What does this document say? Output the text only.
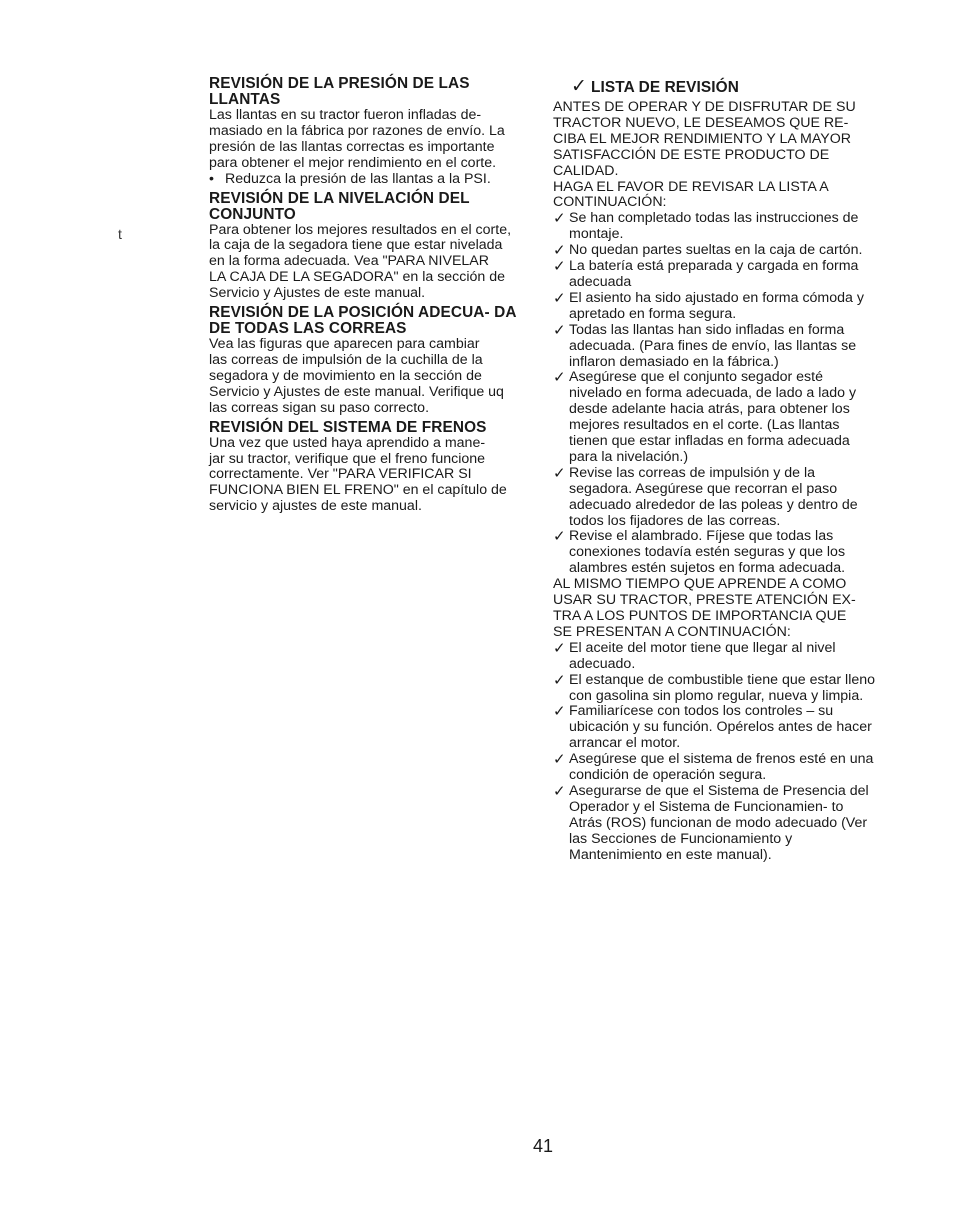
t
REVISIÓN DE LA PRESIÓN DE LAS LLANTAS

Las llantas en su tractor fueron infladas de-

masiado en la fábrica por razones de envío. La

presión de las llantas correctas es importante

para obtener el mejor rendimiento en el corte.

• Reduzca la presión de las llantas a la PSI.
REVISIÓN DE LA NIVELACIÓN DEL CONJUNTO

Para obtener los mejores resultados en el corte,

la caja de la segadora tiene que estar nivelada

en la forma adecuada. Vea "PARA NIVELAR

LA CAJA DE LA SEGADORA" en la sección de

Servicio y Ajustes de este manual.

REVISIÓN DE LA POSICIÓN ADECUA- DA DE TODAS LAS CORREAS

Vea las figuras que aparecen para cambiar

las correas de impulsión de la cuchilla de la

segadora y de movimiento en la sección de

Servicio y Ajustes de este manual. Verifique uq

las correas sigan su paso correcto.

REVISIÓN DEL SISTEMA DE FRENOS

Una vez que usted haya aprendido a mane-

jar su tractor, verifique que el freno funcione

correctamente. Ver "PARA VERIFICAR SI

FUNCIONA BIEN EL FRENO" en el capítulo de

servicio y ajustes de este manual.

✓ LISTA DE REVISIÓN

ANTES DE OPERAR Y DE DISFRUTAR DE SU

TRACTOR NUEVO, LE DESEAMOS QUE RE-

CIBA EL MEJOR RENDIMIENTO Y LA MAYOR

SATISFACCIÓN DE ESTE PRODUCTO DE

CALIDAD.

HAGA EL FAVOR DE REVISAR LA LISTA A

CONTINUACIÓN:

✓ Se han completado todas las instrucciones de montaje.
✓ No quedan partes sueltas en la caja de cartón.
✓ La batería está preparada y cargada en forma adecuada
✓ El asiento ha sido ajustado en forma cómoda y apretado en forma segura.
✓ Todas las llantas han sido infladas en forma adecuada. (Para fines de envío, las llantas se inflaron demasiado en la fábrica.)
✓ Asegúrese que el conjunto segador esté nivelado en forma adecuada, de lado a lado y desde adelante hacia atrás, para obtener los mejores resultados en el corte. (Las llantas tienen que estar infladas en forma adecuada para la nivelación.)
✓ Revise las correas de impulsión y de la segadora. Asegúrese que recorran el paso adecuado alrededor de las poleas y dentro de todos los fijadores de las correas.
✓ Revise el alambrado. Fíjese que todas las conexiones todavía estén seguras y que los alambres estén sujetos en forma adecuada.

AL MISMO TIEMPO QUE APRENDE A COMO

USAR SU TRACTOR, PRESTE ATENCIÓN EX-

TRA A LOS PUNTOS DE IMPORTANCIA QUE

SE PRESENTAN A CONTINUACIÓN:

✓ El aceite del motor tiene que llegar al nivel adecuado.
✓ El estanque de combustible tiene que estar lleno con gasolina sin plomo regular, nueva y limpia.
✓ Familiarícese con todos los controles – su ubicación y su función. Opérelos antes de hacer arrancar el motor.
✓ Asegúrese que el sistema de frenos esté en una condición de operación segura.
✓ Asegurarse de que el Sistema de Presencia del Operador y el Sistema de Funcionamien- to Atrás (ROS) funcionan de modo adecuado (Ver las Secciones de Funcionamiento y Mantenimiento en este manual).
41
